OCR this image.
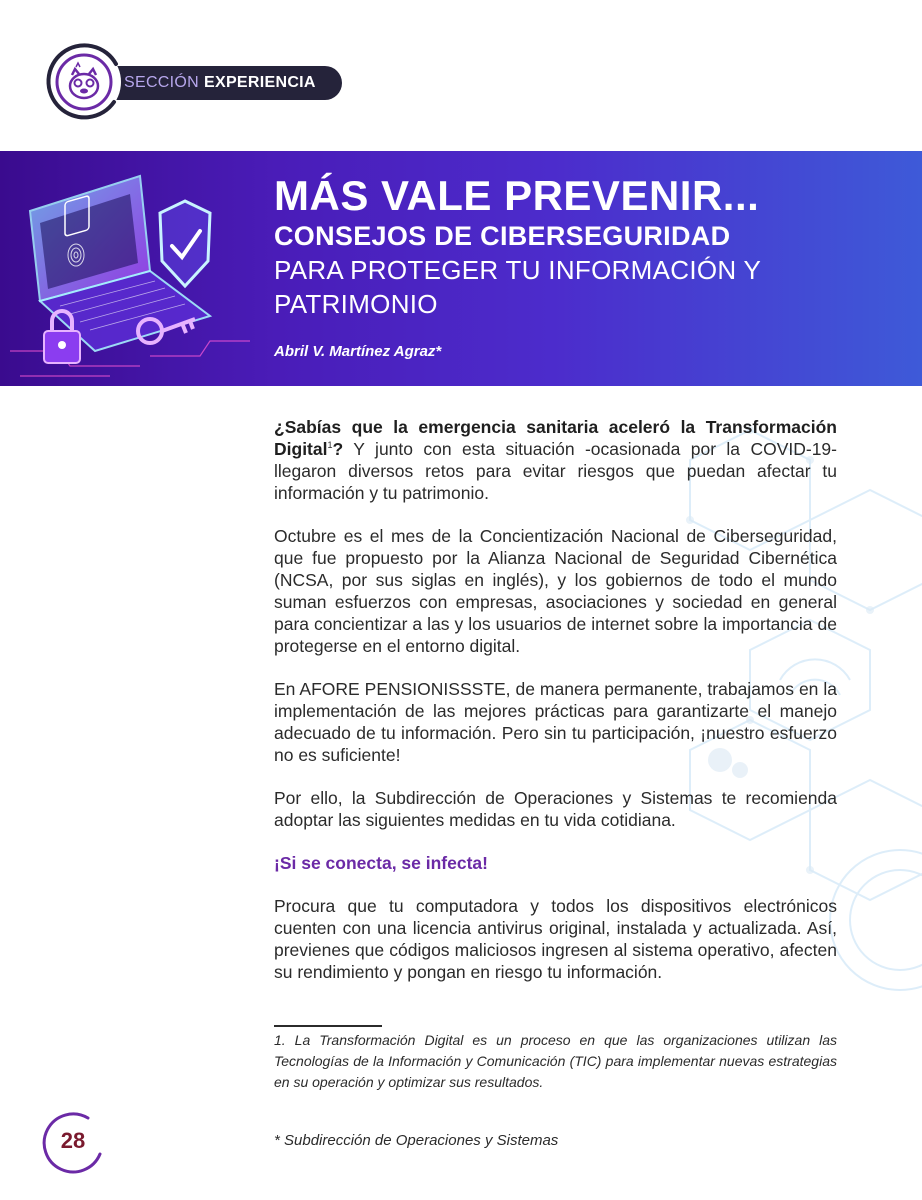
SECCIÓN EXPERIENCIA
MÁS VALE PREVENIR...
CONSEJOS DE CIBERSEGURIDAD
PARA PROTEGER TU INFORMACIÓN Y PATRIMONIO
Abril V. Martínez Agraz*

¿Sabías que la emergencia sanitaria aceleró la Transformación Digital$^1$? Y junto con esta situación -ocasionada por la COVID-19- llegaron diversos retos para evitar riesgos que puedan afectar tu información y tu patrimonio.

Octubre es el mes de la Concientización Nacional de Ciberseguridad, que fue propuesto por la Alianza Nacional de Seguridad Cibernética (NCSA, por sus siglas en inglés), y los gobiernos de todo el mundo suman esfuerzos con empresas, asociaciones y sociedad en general para concientizar a las y los usuarios de internet sobre la importancia de protegerse en el entorno digital.

En AFORE PENSIONISSSTE, de manera permanente, trabajamos en la implementación de las mejores prácticas para garantizarte el manejo adecuado de tu información. Pero sin tu participación, ¡nuestro esfuerzo no es suficiente!

Por ello, la Subdirección de Operaciones y Sistemas te recomienda adoptar las siguientes medidas en tu vida cotidiana.

¡Si se conecta, se infecta!

Procura que tu computadora y todos los dispositivos electrónicos cuenten con una licencia antivirus original, instalada y actualizada. Así, previenes que códigos maliciosos ingresen al sistema operativo, afecten su rendimiento y pongan en riesgo tu información.

1. La Transformación Digital es un proceso en que las organizaciones utilizan las Tecnologías de la Información y Comunicación (TIC) para implementar nuevas estrategias en su operación y optimizar sus resultados.

28	* Subdirección de Operaciones y Sistemas
